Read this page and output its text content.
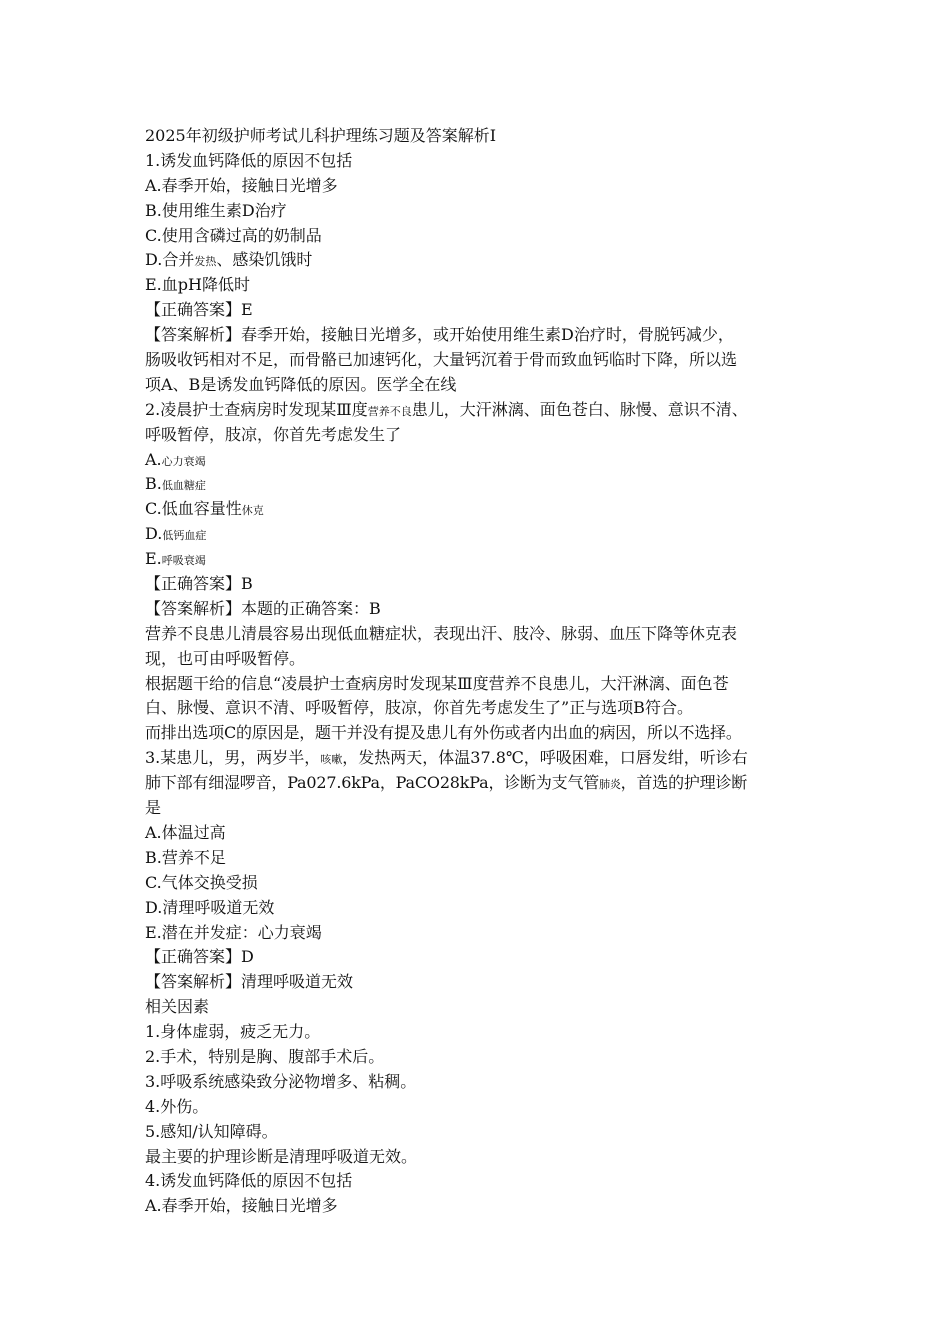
2025年初级护师考试儿科护理练习题及答案解析Ⅰ

1.诱发血钙降低的原因不包括

A.春季开始，接触日光增多

B.使用维生素D治疗

C.使用含磷过高的奶制品

D.合并发热、感染饥饿时

E.血pH降低时

【正确答案】E

【答案解析】春季开始，接触日光增多，或开始使用维生素D治疗时，骨脱钙减少，

肠吸收钙相对不足，而骨骼已加速钙化，大量钙沉着于骨而致血钙临时下降，所以选

项A、B是诱发血钙降低的原因。医学全在线

2.凌晨护士查病房时发现某Ⅲ度营养不良患儿，大汗淋漓、面色苍白、脉慢、意识不清、

呼吸暂停，肢凉，你首先考虑发生了

A.心力衰竭

B.低血糖症

C.低血容量性休克

D.低钙血症

E.呼吸衰竭

【正确答案】B

【答案解析】本题的正确答案：B

营养不良患儿清晨容易出现低血糖症状，表现出汗、肢冷、脉弱、血压下降等休克表

现，也可由呼吸暂停。

根据题干给的信息“凌晨护士查病房时发现某Ⅲ度营养不良患儿，大汗淋漓、面色苍

白、脉慢、意识不清、呼吸暂停，肢凉，你首先考虑发生了”正与选项B符合。

而排出选项C的原因是，题干并没有提及患儿有外伤或者内出血的病因，所以不选择。

3.某患儿，男，两岁半，咳嗽，发热两天，体温37.8℃，呼吸困难，口唇发绀，听诊右

肺下部有细湿啰音，Pa027.6kPa，PaCO28kPa，诊断为支气管肺炎，首选的护理诊断

是

A.体温过高

B.营养不足

C.气体交换受损

D.清理呼吸道无效

E.潜在并发症：心力衰竭

【正确答案】D

【答案解析】清理呼吸道无效

相关因素

1.身体虚弱，疲乏无力。

2.手术，特别是胸、腹部手术后。

3.呼吸系统感染致分泌物增多、粘稠。

4.外伤。

5.感知/认知障碍。

最主要的护理诊断是清理呼吸道无效。

4.诱发血钙降低的原因不包括

A.春季开始，接触日光增多
